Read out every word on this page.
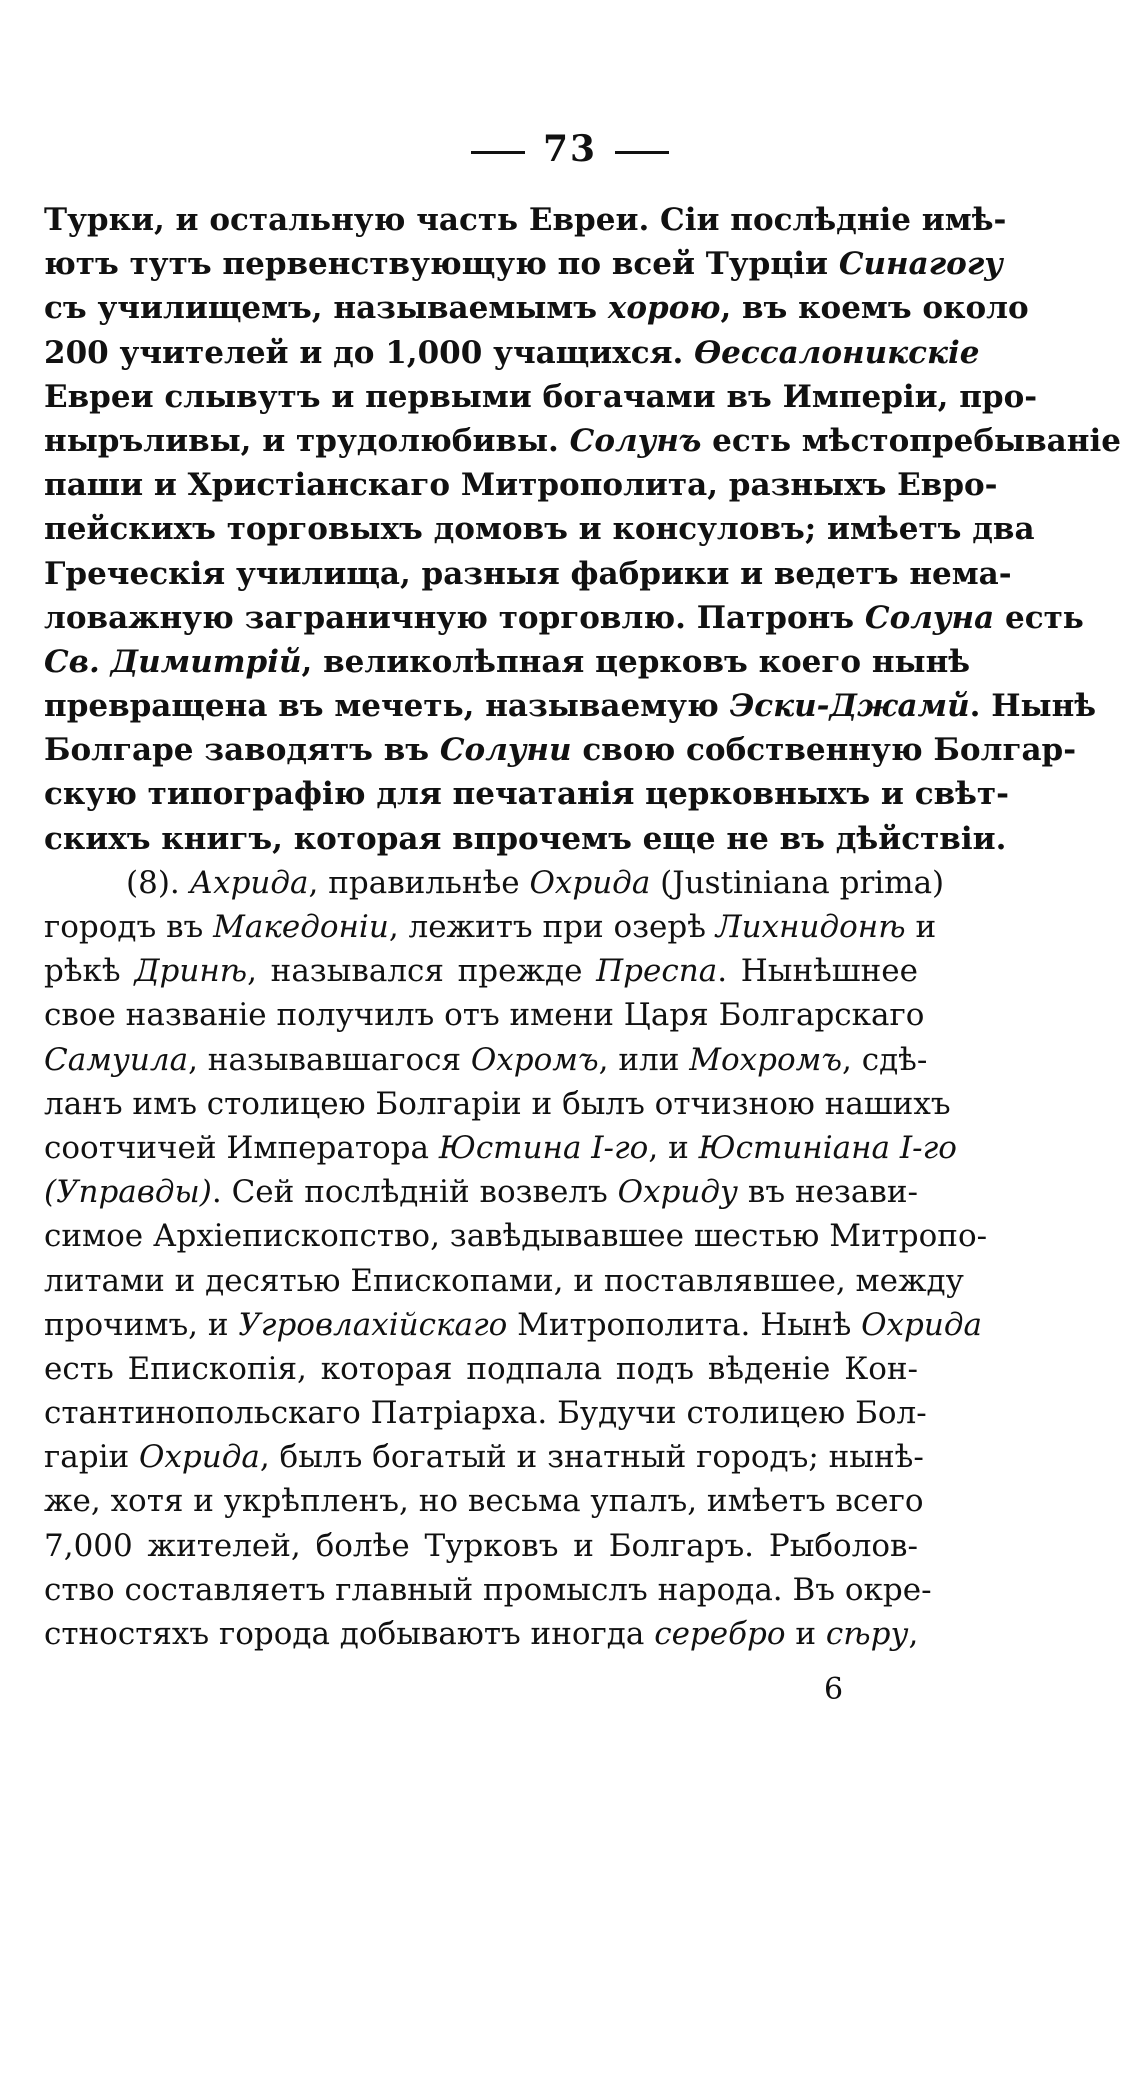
73
Турки, и остальную часть Евреи. Сіи послѣдніе имѣ-
ютъ тутъ первенствующую по всей Турціи Синагогу
съ училищемъ, называемымъ хорою, въ коемъ около
200 учителей и до 1,000 учащихся. Ѳессалоникскіе
Евреи слывутъ и первыми богачами въ Имперіи, про-
ныръливы, и трудолюбивы. Солунъ есть мѣстопребываніе
паши и Христіанскаго Митрополита, разныхъ Евро-
пейскихъ торговыхъ домовъ и консуловъ; имѣетъ два
Греческія училища, разныя фабрики и ведетъ нема-
ловажную заграничную торговлю. Патронъ Солуна есть
Св. Димитрій, великолѣпная церковъ коего нынѣ
превращена въ мечеть, называемую Эски-Джамй. Нынѣ
Болгаре заводятъ въ Солуни свою собственную Болгар-
скую типографію для печатанія церковныхъ и свѣт-
скихъ книгъ, которая впрочемъ еще не въ дѣйствіи.
(8). Ахрида, правильнѣе Охрида (Justiniana prima)
городъ въ Македоніи, лежитъ при озерѣ Лихнидонѣ и
рѣкѣ Дринѣ, назывался прежде Преспа. Нынѣшнее
свое названіе получилъ отъ имени Царя Болгарскаго
Самуила, называвшагося Охромъ, или Мохромъ, сдѣ-
ланъ имъ столицею Болгаріи и былъ отчизною нашихъ
соотчичей Императора Юстина I-го, и Юстиніана I-го
(Управды). Сей послѣдній возвелъ Охриду въ незави-
симое Архіепископство, завѣдывавшее шестью Митропо-
литами и десятью Епископами, и поставлявшее, между
прочимъ, и Угровлахійскаго Митрополита. Нынѣ Охрида
есть Епископія, которая подпала подъ вѣденіе Кон-
стантинопольскаго Патріарха. Будучи столицею Бол-
гаріи Охрида, былъ богатый и знатный городъ; нынѣ-
же, хотя и укрѣпленъ, но весьма упалъ, имѣетъ всего
7,000 жителей, болѣе Турковъ и Болгаръ. Рыболов-
ство составляетъ главный промыслъ народа. Въ окре-
стностяхъ города добываютъ иногда серебро и сѣру,
6
